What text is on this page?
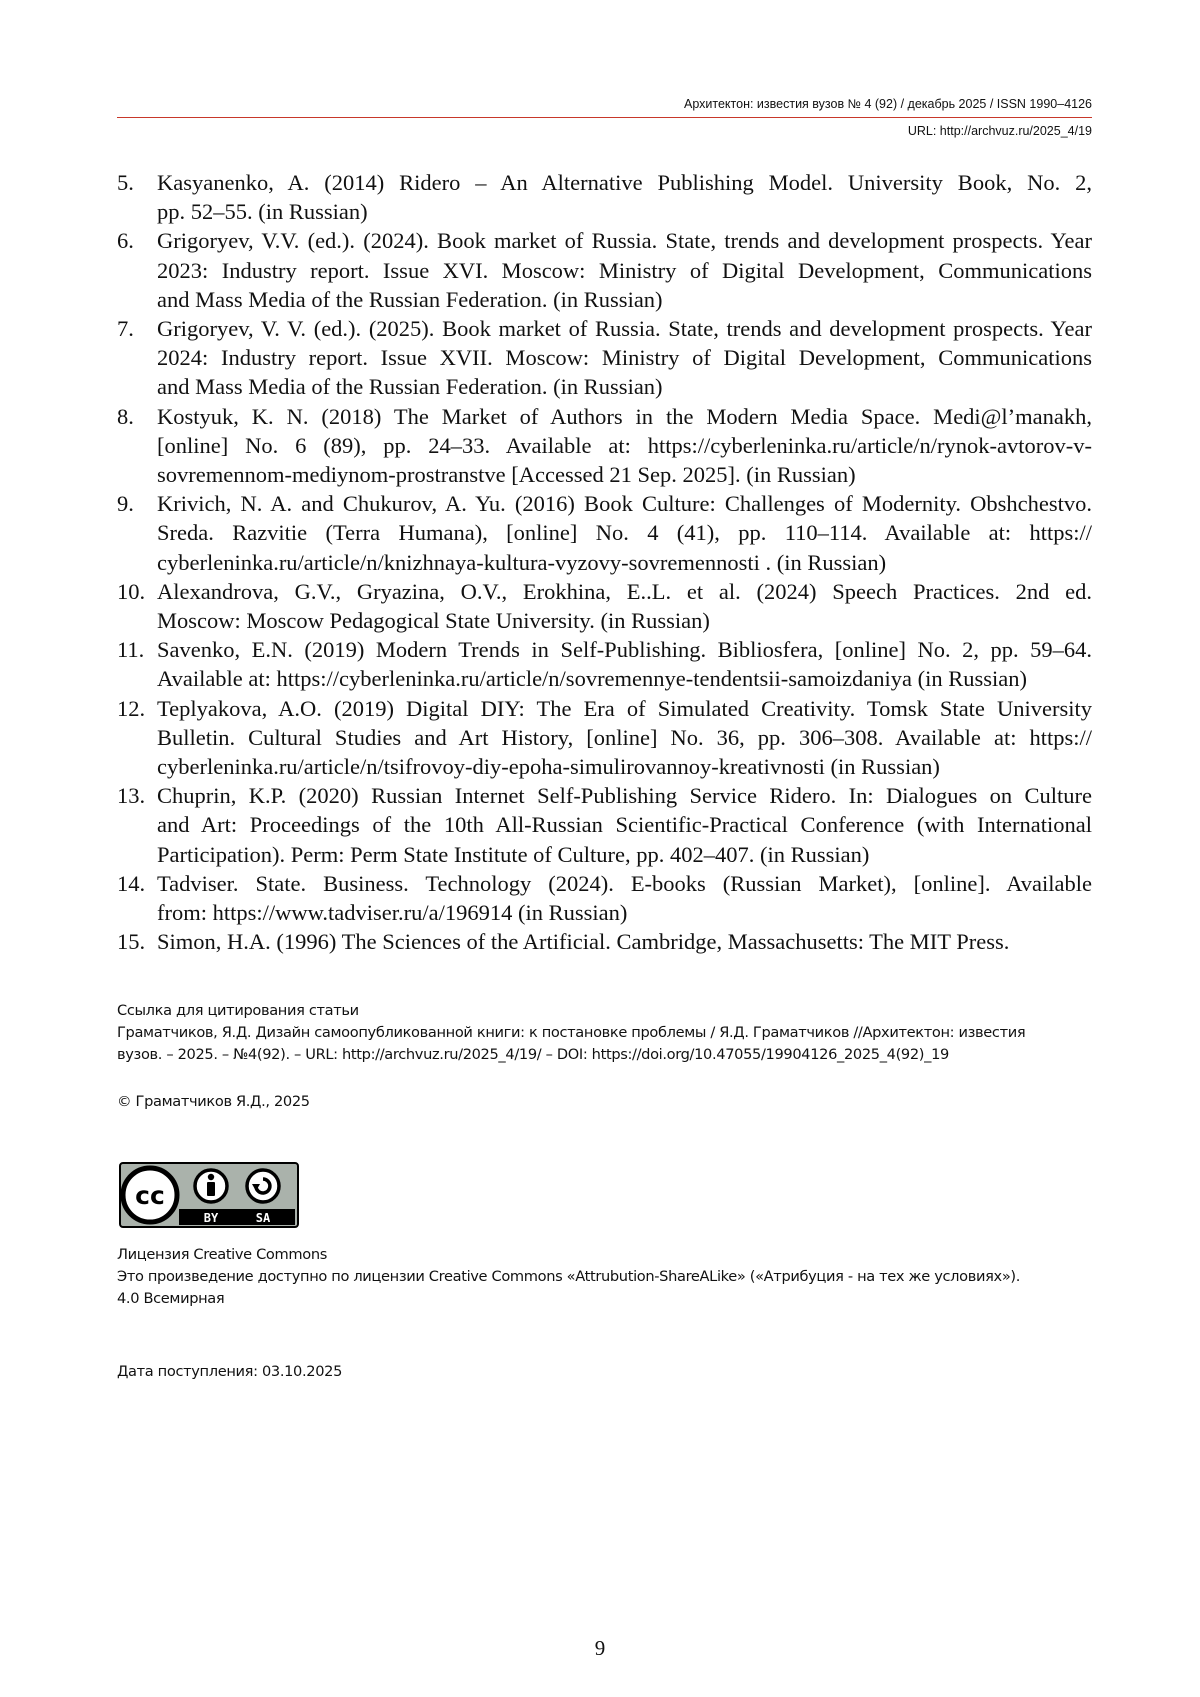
Архитектон: известия вузов № 4 (92) / декабрь 2025 / ISSN 1990–4126
URL: http://archvuz.ru/2025_4/19
5. Kasyanenko, A. (2014) Ridero – An Alternative Publishing Model. University Book, No. 2,
pp. 52–55. (in Russian)
6. Grigoryev, V.V. (ed.). (2024). Book market of Russia. State, trends and development prospects. Year
2023: Industry report. Issue XVI. Moscow: Ministry of Digital Development, Communications
and Mass Media of the Russian Federation. (in Russian)
7. Grigoryev, V. V. (ed.). (2025). Book market of Russia. State, trends and development prospects. Year
2024: Industry report. Issue XVII. Moscow: Ministry of Digital Development, Communications
and Mass Media of the Russian Federation. (in Russian)
8. Kostyuk, K. N. (2018) The Market of Authors in the Modern Media Space. Medi@l’manakh,
[online] No. 6 (89), pp. 24–33. Available at: https://cyberleninka.ru/article/n/rynok-avtorov-v-
sovremennom-mediynom-prostranstve [Accessed 21 Sep. 2025]. (in Russian)
9. Krivich, N. A. and Chukurov, A. Yu. (2016) Book Culture: Challenges of Modernity. Obshchestvo.
Sreda. Razvitie (Terra Humana), [online] No. 4 (41), pp. 110–114. Available at: https://
cyberleninka.ru/article/n/knizhnaya-kultura-vyzovy-sovremennosti . (in Russian)
10. Alexandrova, G.V., Gryazina, O.V., Erokhina, E..L. et al. (2024) Speech Practices. 2nd ed.
Moscow: Moscow Pedagogical State University. (in Russian)
11. Savenko, E.N. (2019) Modern Trends in Self-Publishing. Bibliosfera, [online] No. 2, pp. 59–64.
Available at: https://cyberleninka.ru/article/n/sovremennye-tendentsii-samoizdaniya (in Russian)
12. Teplyakova, A.O. (2019) Digital DIY: The Era of Simulated Creativity. Tomsk State University
Bulletin. Cultural Studies and Art History, [online] No. 36, pp. 306–308. Available at: https://
cyberleninka.ru/article/n/tsifrovoy-diy-epoha-simulirovannoy-kreativnosti (in Russian)
13. Chuprin, K.P. (2020) Russian Internet Self-Publishing Service Ridero. In: Dialogues on Culture
and Art: Proceedings of the 10th All-Russian Scientific-Practical Conference (with International
Participation). Perm: Perm State Institute of Culture, pp. 402–407. (in Russian)
14. Tadviser. State. Business. Technology (2024). E-books (Russian Market), [online]. Available
from: https://www.tadviser.ru/a/196914 (in Russian)
15. Simon, H.A. (1996) The Sciences of the Artificial. Cambridge, Massachusetts: The MIT Press.
Ссылка для цитирования статьи
Граматчиков, Я.Д. Дизайн самоопубликованной книги: к постановке проблемы / Я.Д. Граматчиков //Архитектон: известия
вузов. – 2025. – №4(92). – URL: http://archvuz.ru/2025_4/19/ – DOI: https://doi.org/10.47055/19904126_2025_4(92)_19
© Граматчиков Я.Д., 2025
cc
BY	SA
Лицензия Creative Commons
Это произведение доступно по лицензии Creative Commons «Attrubution-ShareALike» («Атрибуция - на тех же условиях»).
4.0 Всемирная
Дата поступления: 03.10.2025
9
